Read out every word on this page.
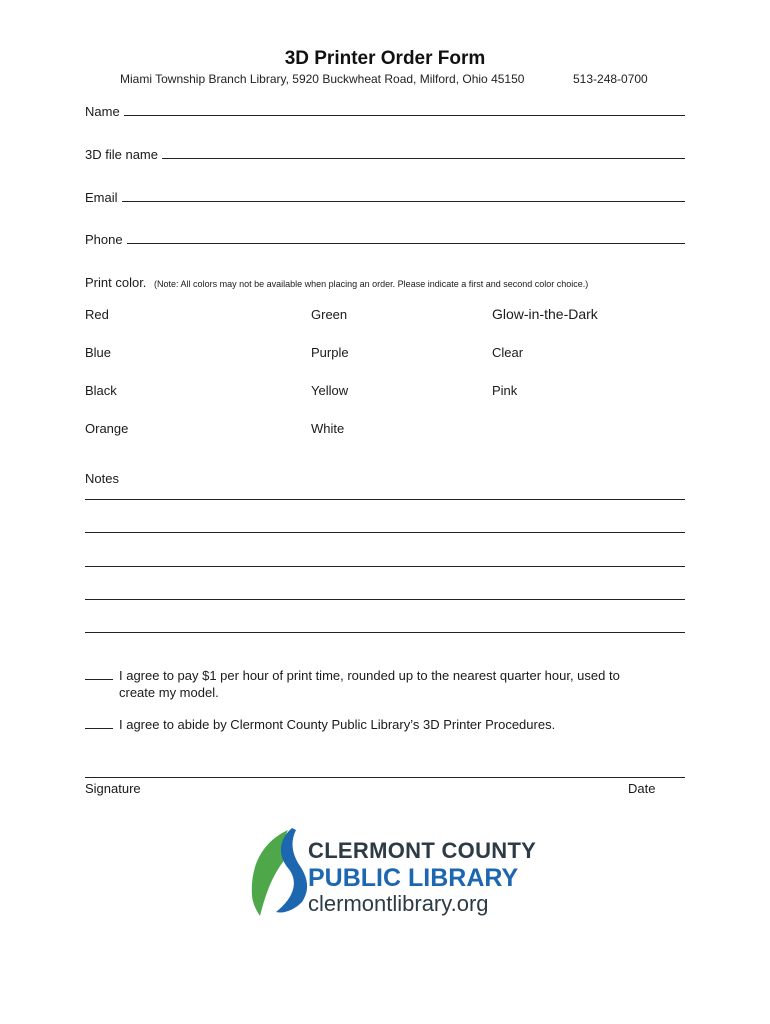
3D Printer Order Form
Miami Township Branch Library, 5920 Buckwheat Road, Milford, Ohio 45150	513-248-0700
Name
3D file name
Email
Phone
Print color. (Note: All colors may not be available when placing an order. Please indicate a first and second color choice.)
Red	Green	Glow-in-the-Dark
Blue	Purple	Clear
Black	Yellow	Pink
Orange	White
Notes
I agree to pay $1 per hour of print time, rounded up to the nearest quarter hour, used to
create my model.
I agree to abide by Clermont County Public Library’s 3D Printer Procedures.
Signature	Date
CLERMONT COUNTY
PUBLIC LIBRARY
clermontlibrary.org
